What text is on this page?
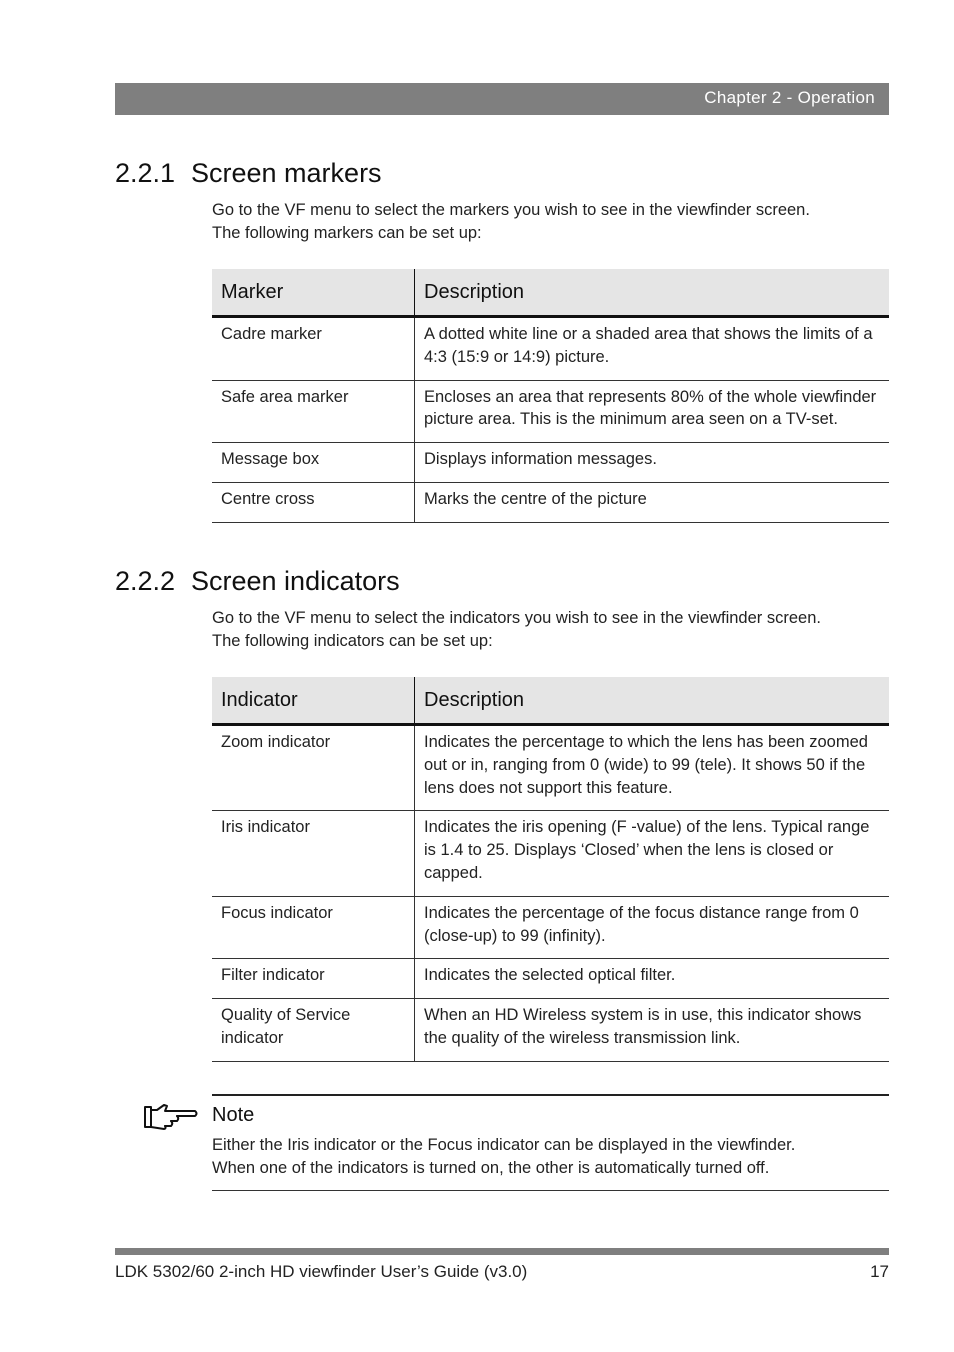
Chapter 2 - Operation
2.2.1 Screen markers

Go to the VF menu to select the markers you wish to see in the viewfinder screen.
The following markers can be set up:

Marker	Description
Cadre marker	A dotted white line or a shaded area that shows the limits of a 4:3 (15:9 or 14:9) picture.
Safe area marker	Encloses an area that represents 80% of the whole viewfinder picture area. This is the minimum area seen on a TV-set.
Message box	Displays information messages.
Centre cross	Marks the centre of the picture
2.2.2 Screen indicators

Go to the VF menu to select the indicators you wish to see in the viewfinder screen.
The following indicators can be set up:

Indicator	Description
Zoom indicator	Indicates the percentage to which the lens has been zoomed out or in, ranging from 0 (wide) to 99 (tele). It shows 50 if the lens does not support this feature.
Iris indicator	Indicates the iris opening (F -value) of the lens. Typical range is 1.4 to 25. Displays ‘Closed’ when the lens is closed or capped.
Focus indicator	Indicates the percentage of the focus distance range from 0 (close-up) to 99 (infinity).
Filter indicator	Indicates the selected optical filter.
Quality of Service indicator	When an HD Wireless system is in use, this indicator shows the quality of the wireless transmission link.
Note

Either the Iris indicator or the Focus indicator can be displayed in the viewfinder.
When one of the indicators is turned on, the other is automatically turned off.

LDK 5302/60 2-inch HD viewfinder User’s Guide (v3.0)	17
